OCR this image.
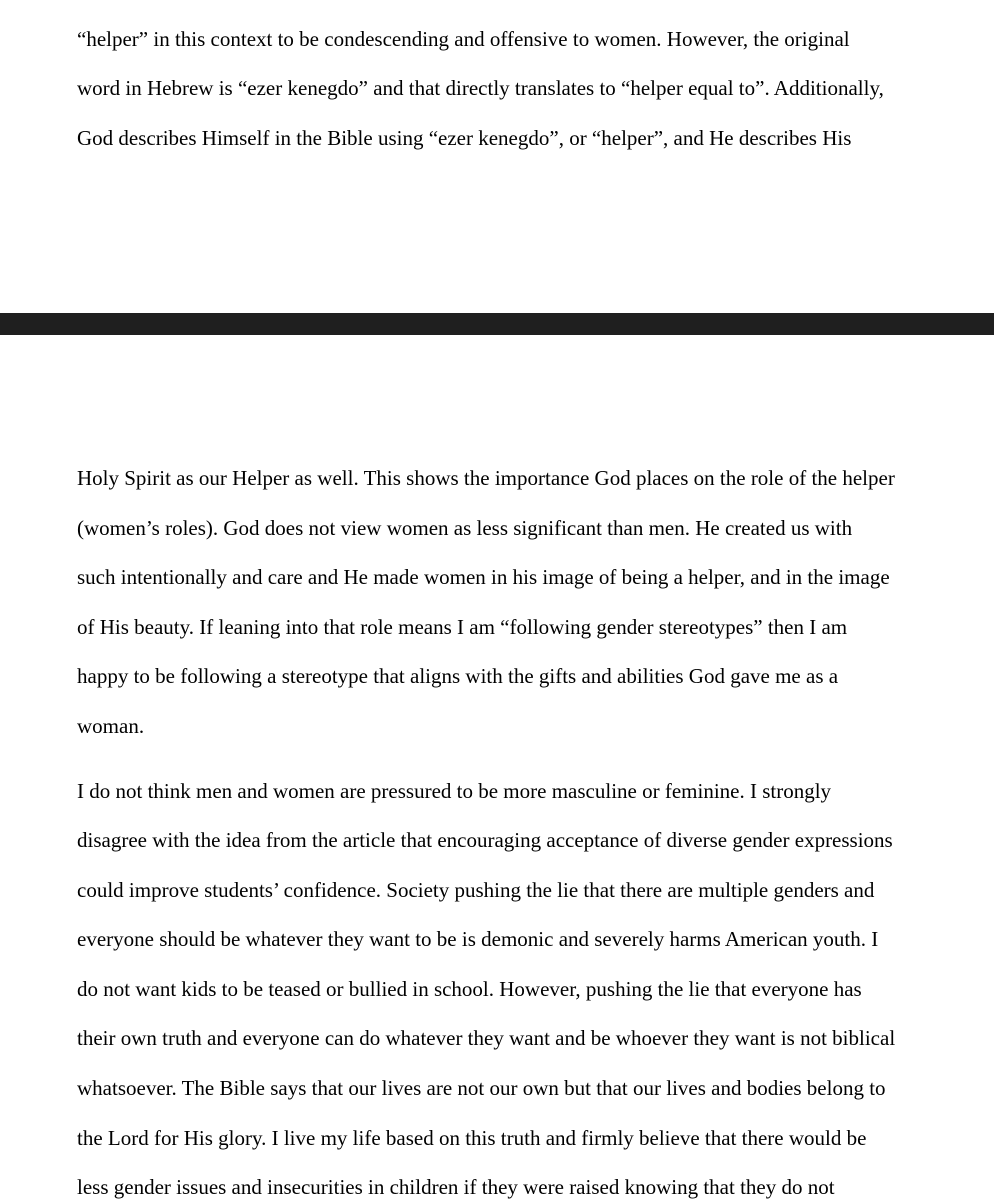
“helper” in this context to be condescending and offensive to women. However, the original
word in Hebrew is “ezer kenegdo” and that directly translates to “helper equal to”. Additionally,
God describes Himself in the Bible using “ezer kenegdo”, or “helper”, and He describes His
Holy Spirit as our Helper as well. This shows the importance God places on the role of the helper
(women’s roles). God does not view women as less significant than men. He created us with
such intentionally and care and He made women in his image of being a helper, and in the image
of His beauty. If leaning into that role means I am “following gender stereotypes” then I am
happy to be following a stereotype that aligns with the gifts and abilities God gave me as a
woman.
I do not think men and women are pressured to be more masculine or feminine. I strongly
disagree with the idea from the article that encouraging acceptance of diverse gender expressions
could improve students’ confidence. Society pushing the lie that there are multiple genders and
everyone should be whatever they want to be is demonic and severely harms American youth. I
do not want kids to be teased or bullied in school. However, pushing the lie that everyone has
their own truth and everyone can do whatever they want and be whoever they want is not biblical
whatsoever. The Bible says that our lives are not our own but that our lives and bodies belong to
the Lord for His glory. I live my life based on this truth and firmly believe that there would be
less gender issues and insecurities in children if they were raised knowing that they do not
